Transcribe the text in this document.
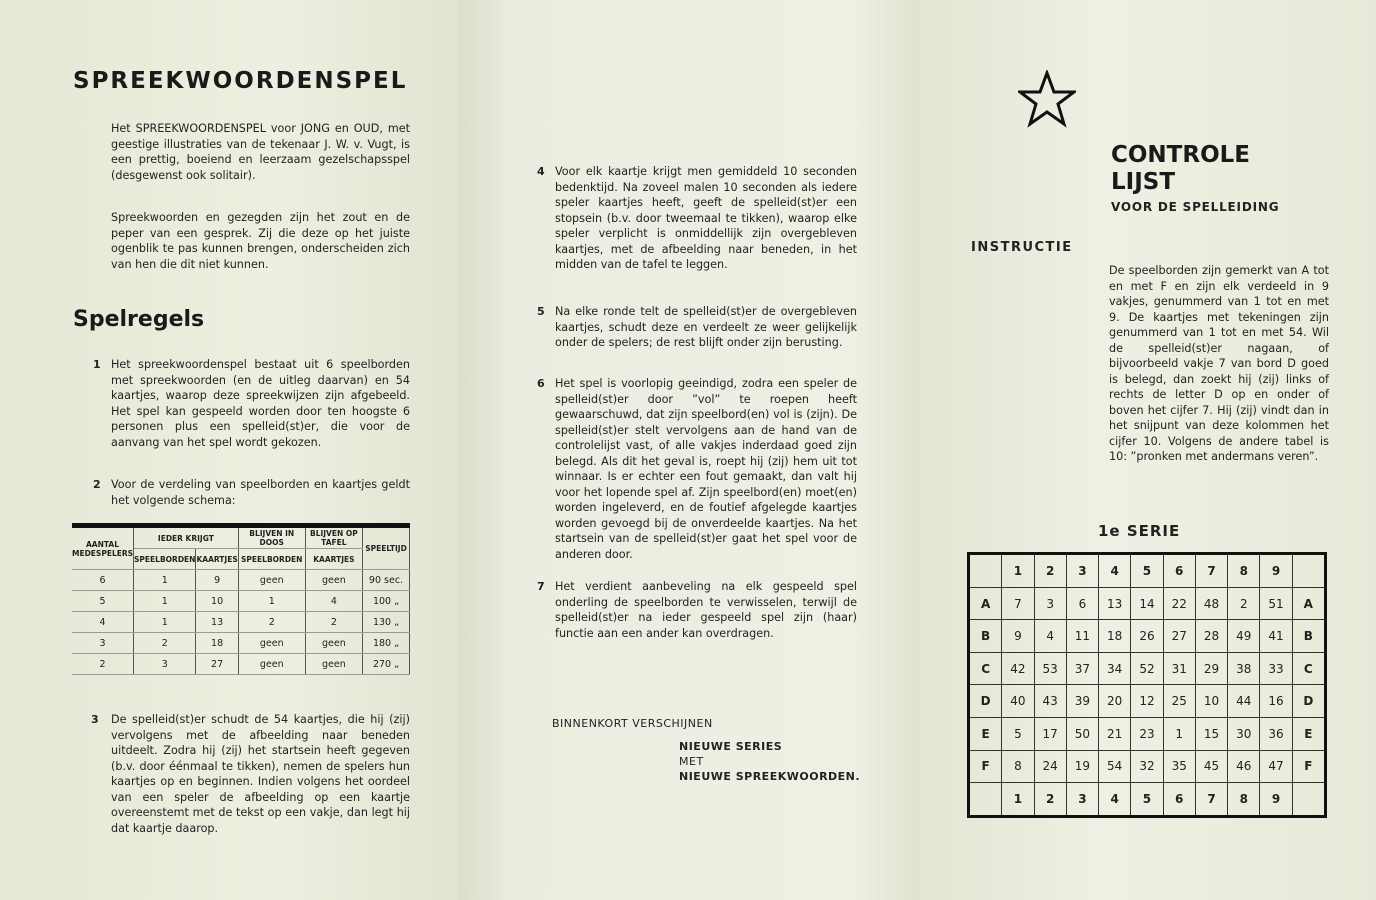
SPREEKWOORDENSPEL

Het SPREEKWOORDENSPEL voor JONG en OUD, met geestige illustraties van de tekenaar J. W. v. Vugt, is een prettig, boeiend en leerzaam gezelschapsspel (desgewenst ook solitair).

Spreekwoorden en gezegden zijn het zout en de peper van een gesprek. Zij die deze op het juiste ogenblik te pas kunnen brengen, onderscheiden zich van hen die dit niet kunnen.

Spelregels
1 Het spreekwoordenspel bestaat uit 6 speelborden met spreekwoorden (en de uitleg daarvan) en 54 kaartjes, waarop deze spreekwijzen zijn afgebeeld. Het spel kan gespeeld worden door ten hoogste 6 personen plus een spelleid(st)er, die voor de aanvang van het spel wordt gekozen.

2 Voor de verdeling van speelborden en kaartjes geldt het volgende schema:

AANTAL MEDESPELERS	IEDER KRIJGT		BLIJVEN IN DOOS	BLIJVEN OP TAFEL	SPEELTIJD
	SPEELBORDEN	KAARTJES	SPEELBORDEN	KAARTJES	
6	1	9	geen	geen	90 sec.
5	1	10	1	4	100 „
4	1	13	2	2	130 „
3	2	18	geen	geen	180 „
2	3	27	geen	geen	270 „
3 De spelleid(st)er schudt de 54 kaartjes, die hij (zij) vervolgens met de afbeelding naar beneden uitdeelt. Zodra hij (zij) het startsein heeft gegeven (b.v. door éénmaal te tikken), nemen de spelers hun kaartjes op en beginnen. Indien volgens het oordeel van een speler de afbeelding op een kaartje overeenstemt met de tekst op een vakje, dan legt hij dat kaartje daarop.

4 Voor elk kaartje krijgt men gemiddeld 10 seconden bedenktijd. Na zoveel malen 10 seconden als iedere speler kaartjes heeft, geeft de spelleid(st)er een stopsein (b.v. door tweemaal te tikken), waarop elke speler verplicht is onmiddellijk zijn overgebleven kaartjes, met de afbeelding naar beneden, in het midden van de tafel te leggen.

5 Na elke ronde telt de spelleid(st)er de overgebleven kaartjes, schudt deze en verdeelt ze weer gelijkelijk onder de spelers; de rest blijft onder zijn berusting.

6 Het spel is voorlopig geeindigd, zodra een speler de spelleid(st)er door ”vol” te roepen heeft gewaarschuwd, dat zijn speelbord(en) vol is (zijn). De spelleid(st)er stelt vervolgens aan de hand van de controlelijst vast, of alle vakjes inderdaad goed zijn belegd. Als dit het geval is, roept hij (zij) hem uit tot winnaar. Is er echter een fout gemaakt, dan valt hij voor het lopende spel af. Zijn speelbord(en) moet(en) worden ingeleverd, en de foutief afgelegde kaartjes worden gevoegd bij de onverdeelde kaartjes. Na het startsein van de spelleid(st)er gaat het spel voor de anderen door.

7 Het verdient aanbeveling na elk gespeeld spel onderling de speelborden te verwisselen, terwijl de spelleid(st)er na ieder gespeeld spel zijn (haar) functie aan een ander kan overdragen.

BINNENKORT VERSCHIJNEN
NIEUWE SERIES
MET
NIEUWE SPREEKWOORDEN.
CONTROLE
LIJST
VOOR DE SPELLEIDING
INSTRUCTIE

De speelborden zijn gemerkt van A tot en met F en zijn elk verdeeld in 9 vakjes, genummerd van 1 tot en met 9. De kaartjes met tekeningen zijn genummerd van 1 tot en met 54. Wil de spelleid(st)er nagaan, of bijvoorbeeld vakje 7 van bord D goed is belegd, dan zoekt hij (zij) links of rechts de letter D op en onder of boven het cijfer 7. Hij (zij) vindt dan in het snijpunt van deze kolommen het cijfer 10. Volgens de andere tabel is 10: ”pronken met andermans veren”.

1e SERIE
	1	2	3	4	5	6	7	8	9	
A	7	3	6	13	14	22	48	2	51	A
B	9	4	11	18	26	27	28	49	41	B
C	42	53	37	34	52	31	29	38	33	C
D	40	43	39	20	12	25	10	44	16	D
E	5	17	50	21	23	1	15	30	36	E
F	8	24	19	54	32	35	45	46	47	F
	1	2	3	4	5	6	7	8	9	
